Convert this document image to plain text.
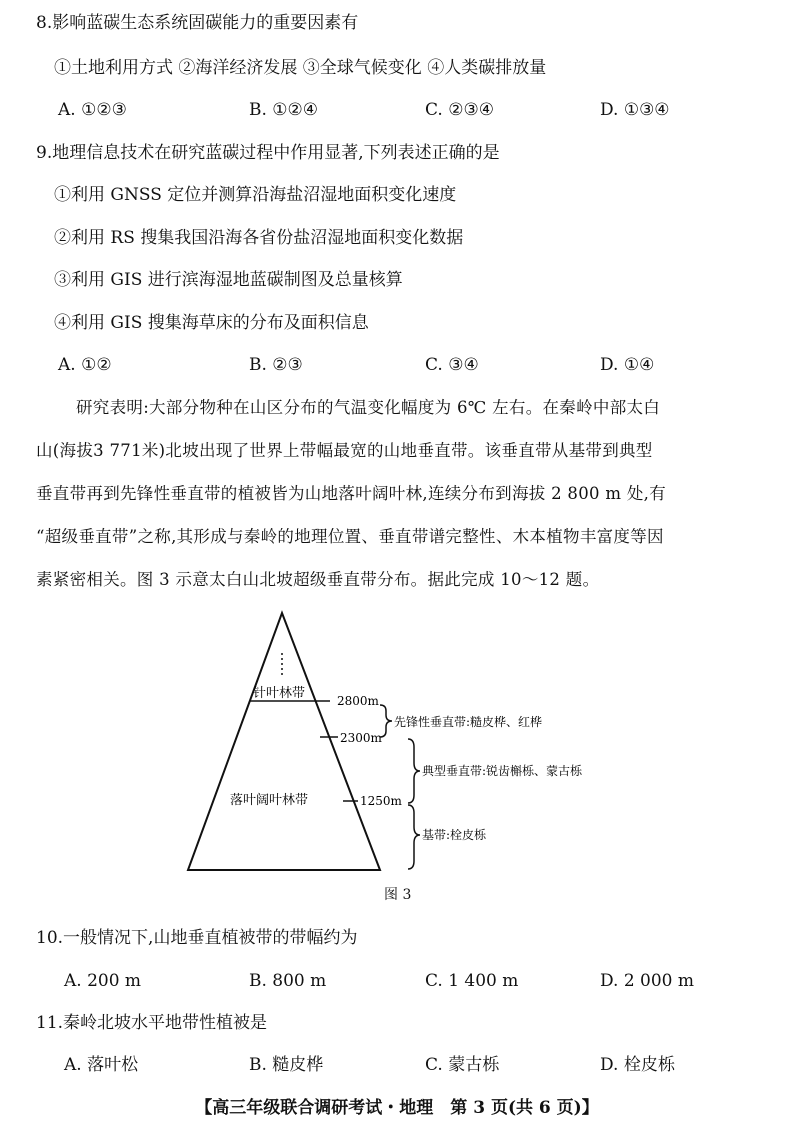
8.影响蓝碳生态系统固碳能力的重要因素有
①土地利用方式 ②海洋经济发展 ③全球气候变化 ④人类碳排放量
A. ①②③	B. ①②④	C. ②③④	D. ①③④
9.地理信息技术在研究蓝碳过程中作用显著,下列表述正确的是
①利用 GNSS 定位并测算沿海盐沼湿地面积变化速度
②利用 RS 搜集我国沿海各省份盐沼湿地面积变化数据
③利用 GIS 进行滨海湿地蓝碳制图及总量核算
④利用 GIS 搜集海草床的分布及面积信息
A. ①②	B. ②③	C. ③④	D. ①④
研究表明:大部分物种在山区分布的气温变化幅度为 6℃ 左右。在秦岭中部太白
山(海拔3 771米)北坡出现了世界上带幅最宽的山地垂直带。该垂直带从基带到典型
垂直带再到先锋性垂直带的植被皆为山地落叶阔叶林,连续分布到海拔 2 800 m 处,有
“超级垂直带”之称,其形成与秦岭的地理位置、垂直带谱完整性、木本植物丰富度等因
素紧密相关。图 3 示意太白山北坡超级垂直带分布。据此完成 10～12 题。
针叶林带
落叶阔叶林带
2800m
2300m
1250m
先锋性垂直带:糙皮桦、红桦
典型垂直带:锐齿槲栎、蒙古栎
基带:栓皮栎
图 3
10.一般情况下,山地垂直植被带的带幅约为
A. 200 m	B. 800 m	C. 1 400 m	D. 2 000 m
11.秦岭北坡水平地带性植被是
A. 落叶松	B. 糙皮桦	C. 蒙古栎	D. 栓皮栎
【高三年级联合调研考试・地理　第 3 页(共 6 页)】
